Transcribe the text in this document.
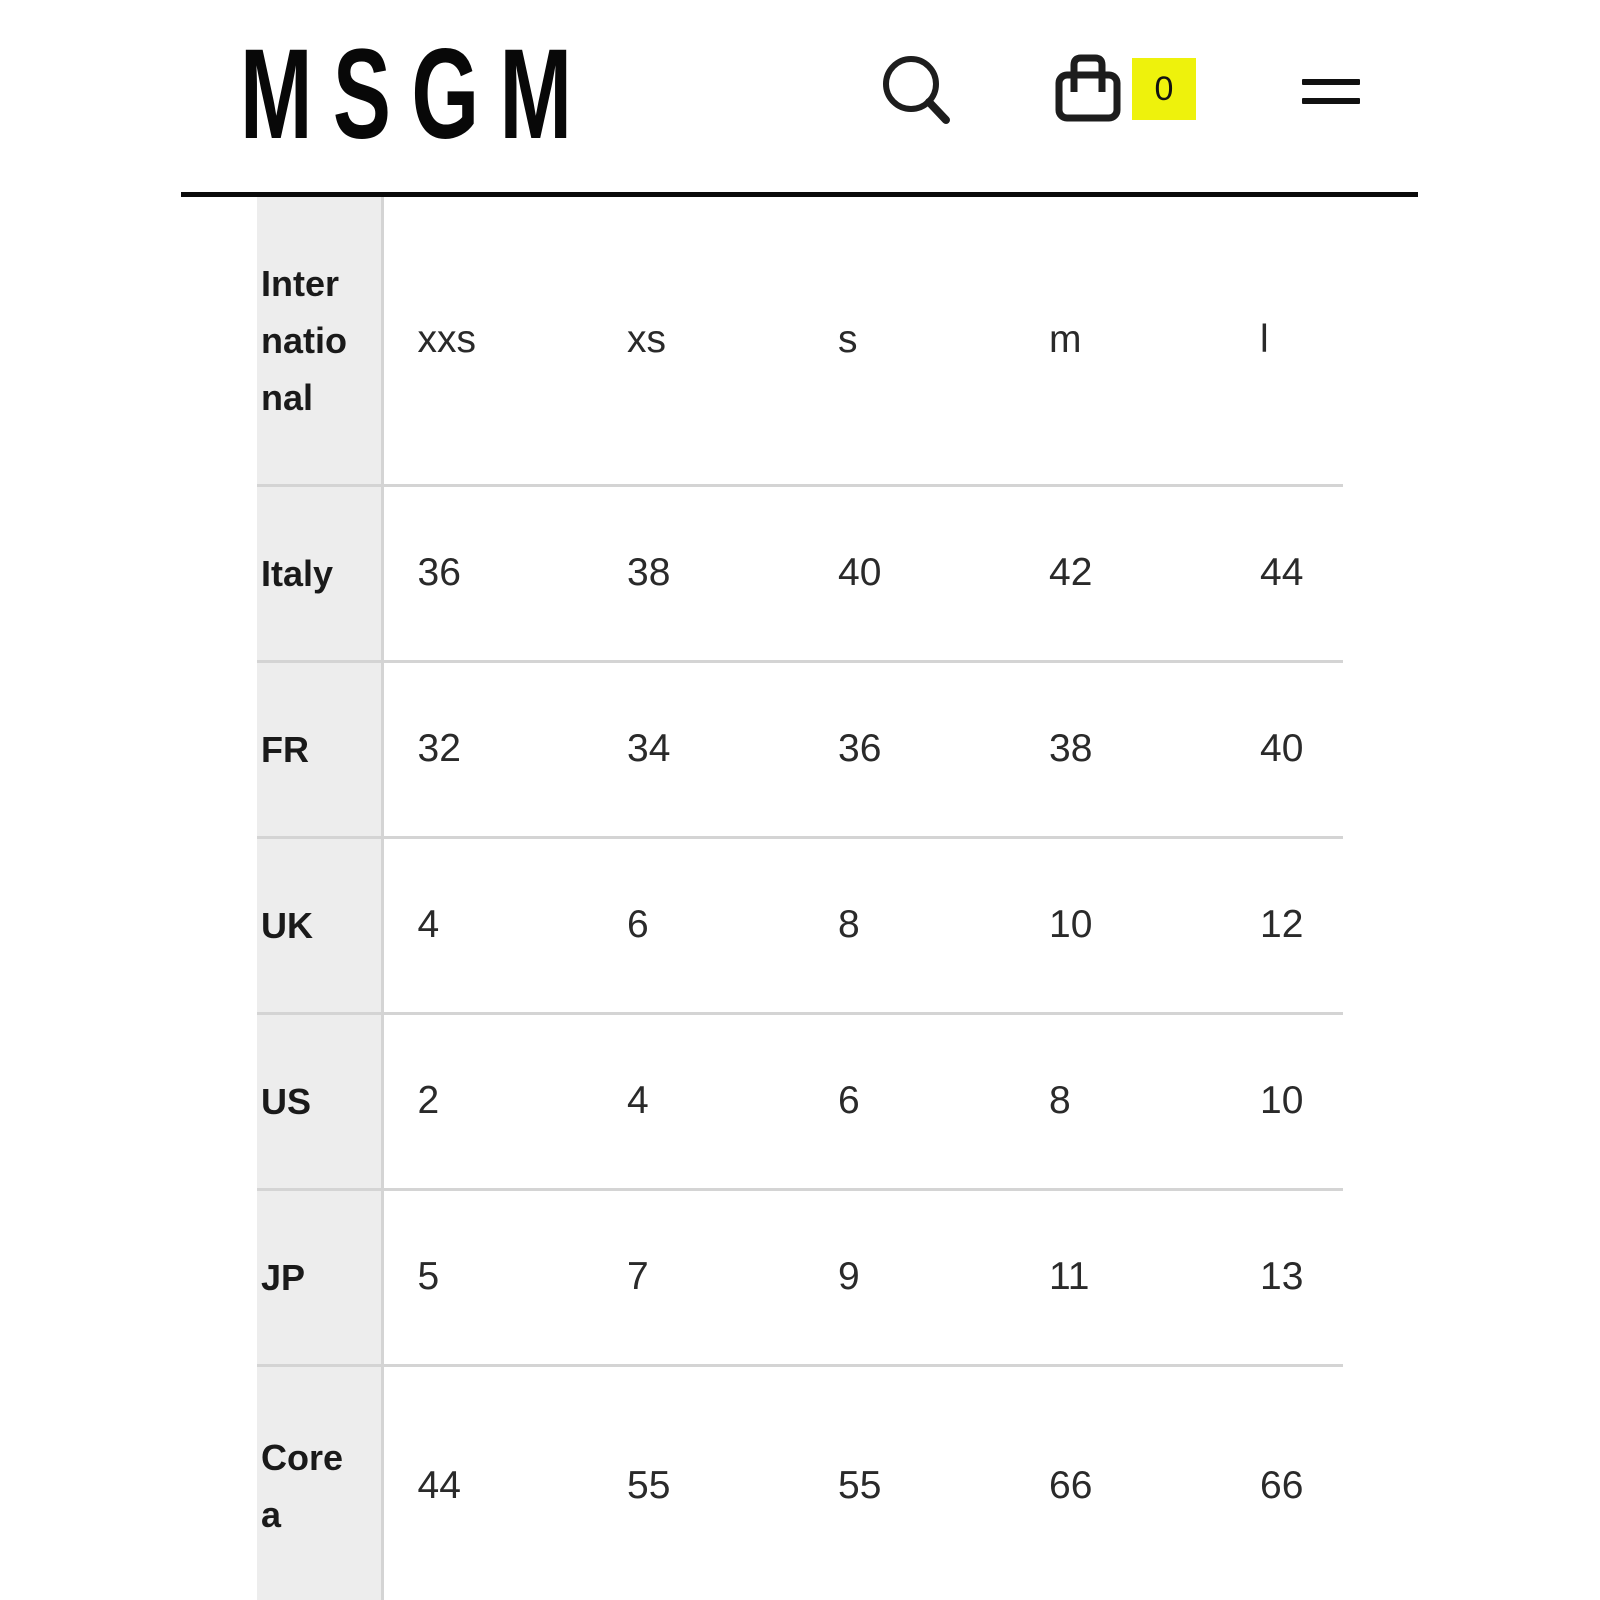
MSGM	0
International	xxs	xs	s	m	l
Italy	36	38	40	42	44
FR	32	34	36	38	40
UK	4	6	8	10	12
US	2	4	6	8	10
JP	5	7	9	11	13
Corea	44	55	55	66	66
